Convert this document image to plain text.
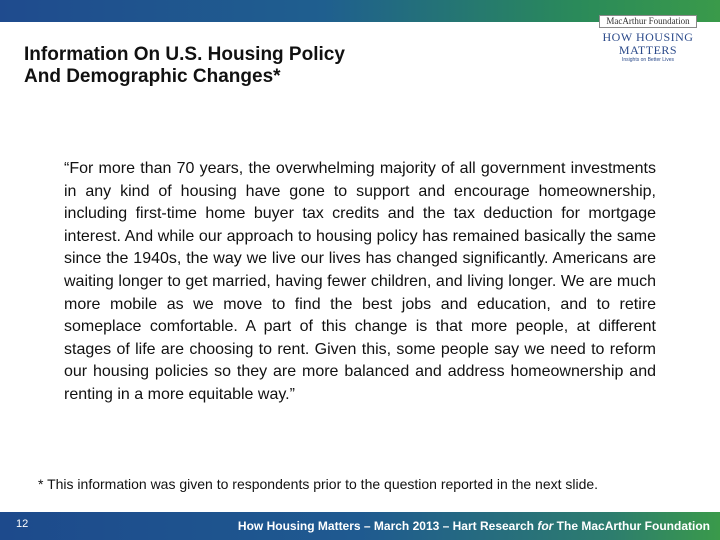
MacArthur Foundation
HOW HOUSING MATTERS
Insights on Better Lives
Information On U.S. Housing Policy
And Demographic Changes*

“For more than 70 years, the overwhelming majority of all government investments in any kind of housing have gone to support and encourage homeownership, including first-time home buyer tax credits and the tax deduction for mortgage interest. And while our approach to housing policy has remained basically the same since the 1940s, the way we live our lives has changed significantly. Americans are waiting longer to get married, having fewer children, and living longer. We are much more mobile as we move to find the best jobs and education, and to retire someplace comfortable. A part of this change is that more people, at different stages of life are choosing to rent. Given this, some people say we need to reform our housing policies so they are more balanced and address homeownership and renting in a more equitable way.”

* This information was given to respondents prior to the question reported in the next slide.

12	How Housing Matters – March 2013 – Hart Research for The MacArthur Foundation
